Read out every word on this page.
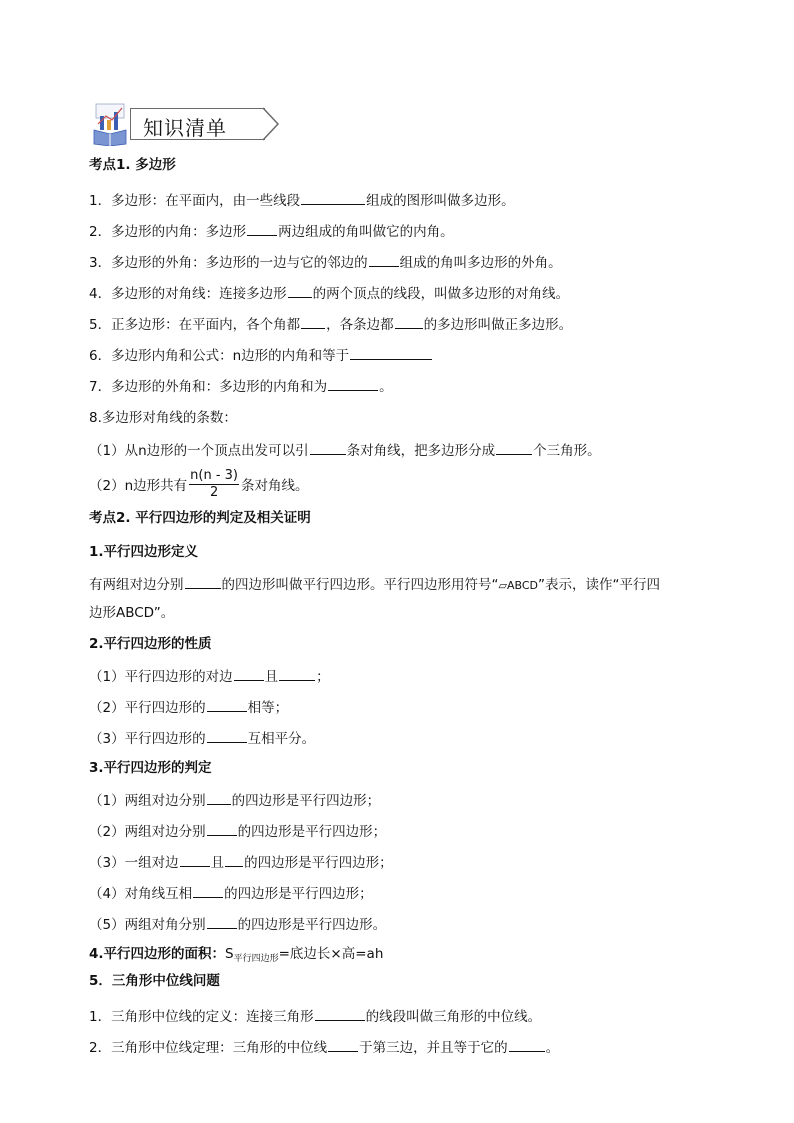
知识清单
考点1. 多边形
1．多边形：在平面内，由一些线段	组成的图形叫做多边形。
2．多边形的内角：多边形 两边组成的角叫做它的内角。
3．多边形的外角：多边形的一边与它的邻边的 组成的角叫多边形的外角。
4．多边形的对角线：连接多边形 的两个顶点的线段，叫做多边形的对角线。
5．正多边形：在平面内，各个角都 ，各条边都 的多边形叫做正多边形。
6．多边形内角和公式：n边形的内角和等于
7．多边形的外角和：多边形的内角和为	。
8.多边形对角线的条数：
（1）从n边形的一个顶点出发可以引	条对角线，把多边形分成	个三角形。
（2）n边形共有 $\frac{n(n - 3)}{2}$ 条对角线。
考点2. 平行四边形的判定及相关证明
1.平行四边形定义
有两组对边分别	的四边形叫做平行四边形。平行四边形用符号“▱ABCD”表示，读作“平行四
边形ABCD”。
2.平行四边形的性质
（1）平行四边形的对边 且	；
（2）平行四边形的	相等；
（3）平行四边形的	互相平分。
3.平行四边形的判定
（1）两组对边分别 的四边形是平行四边形；
（2）两组对边分别 的四边形是平行四边形；
（3）一组对边 且 的四边形是平行四边形；
（4）对角线互相 的四边形是平行四边形；
（5）两组对角分别 的四边形是平行四边形。
4.平行四边形的面积：$S_{平行四边形}=$底边长×高=ah
5．三角形中位线问题
1．三角形中位线的定义：连接三角形	的线段叫做三角形的中位线。
2．三角形中位线定理：三角形的中位线 于第三边，并且等于它的	。
